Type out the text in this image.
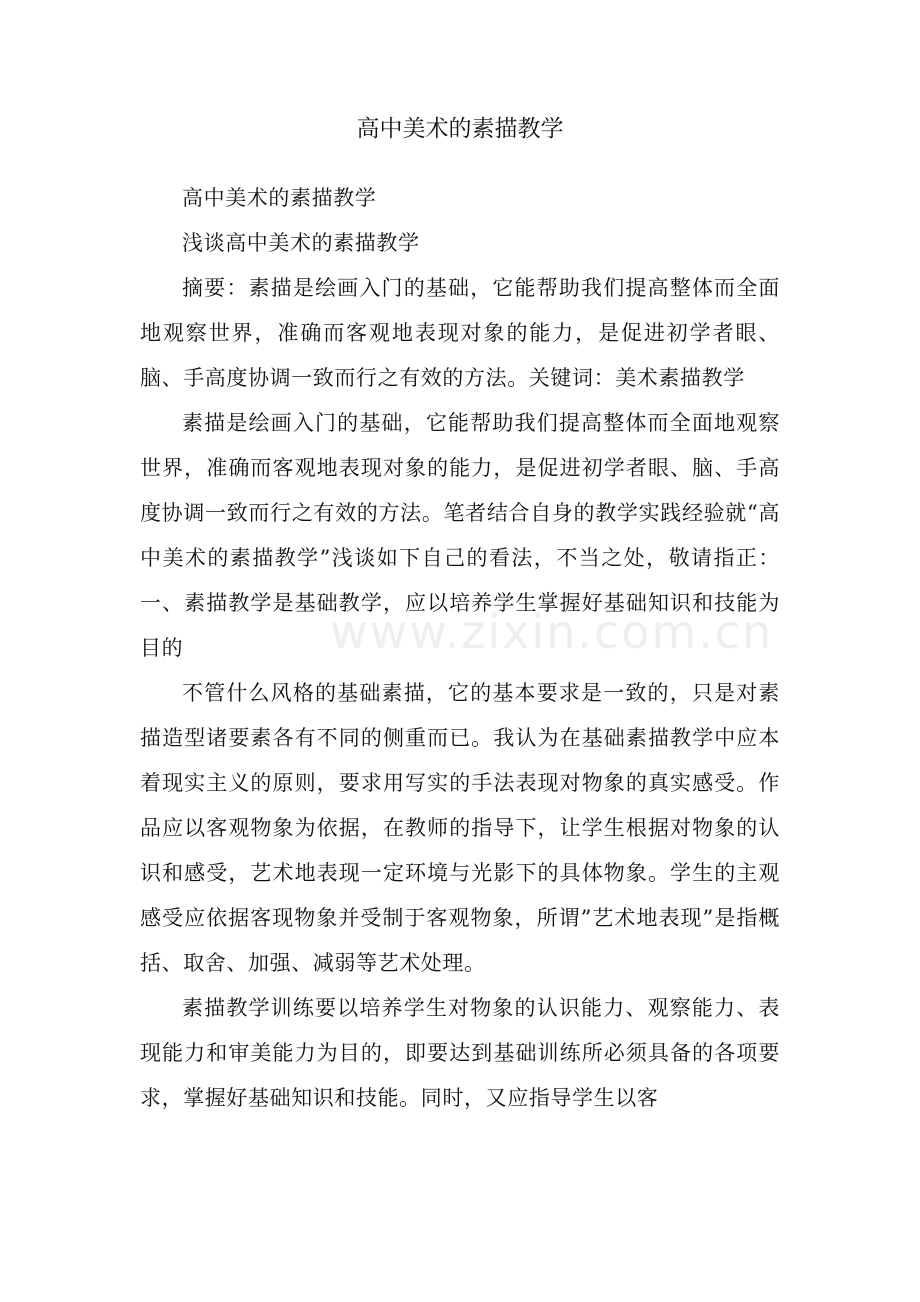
高中美术的素描教学

高中美术的素描教学

浅谈高中美术的素描教学

摘要：素描是绘画入门的基础，它能帮助我们提高整体而全面地观察世界，准确而客观地表现对象的能力，是促进初学者眼、脑、手高度协调一致而行之有效的方法。关键词：美术素描教学

素描是绘画入门的基础，它能帮助我们提高整体而全面地观察世界，准确而客观地表现对象的能力，是促进初学者眼、脑、手高度协调一致而行之有效的方法。笔者结合自身的教学实践经验就“高中美术的素描教学”浅谈如下自己的看法，不当之处，敬请指正：一、素描教学是基础教学，应以培养学生掌握好基础知识和技能为目的

不管什么风格的基础素描，它的基本要求是一致的，只是对素描造型诸要素各有不同的侧重而已。我认为在基础素描教学中应本着现实主义的原则，要求用写实的手法表现对物象的真实感受。作品应以客观物象为依据，在教师的指导下，让学生根据对物象的认识和感受，艺术地表现一定环境与光影下的具体物象。学生的主观感受应依据客现物象并受制于客观物象，所谓”艺术地表现”是指概括、取舍、加强、减弱等艺术处理。

素描教学训练要以培养学生对物象的认识能力、观察能力、表现能力和审美能力为目的，即要达到基础训练所必须具备的各项要求，掌握好基础知识和技能。同时，又应指导学生以客

www.zixin.com.cn
